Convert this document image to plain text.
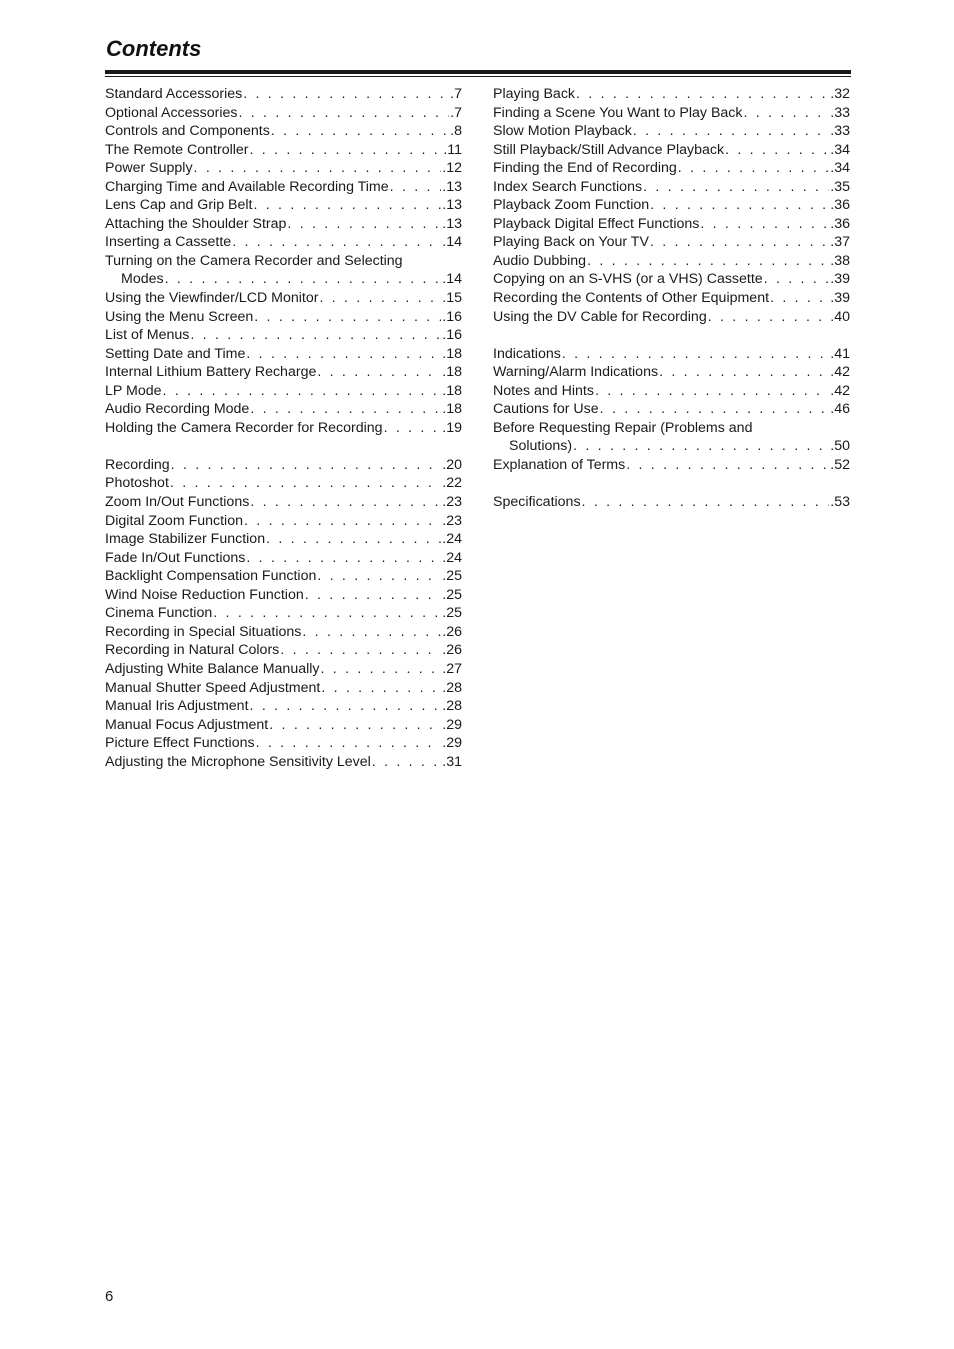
Contents
Standard Accessories . . .	.7
Optional Accessories . . .	.7
Controls and Components . . .	.8
The Remote Controller . . .	.11
Power Supply . . .	.12
Charging Time and Available Recording Time . . .	.13
Lens Cap and Grip Belt . . .	.13
Attaching the Shoulder Strap . . .	.13
Inserting a Cassette . . .	.14
Turning on the Camera Recorder and Selecting
Modes . . .	.14
Using the Viewfinder/LCD Monitor . . .	.15
Using the Menu Screen . . .	.16
List of Menus . . .	.16
Setting Date and Time . . .	.18
Internal Lithium Battery Recharge . . .	.18
LP Mode . . .	.18
Audio Recording Mode . . .	.18
Holding the Camera Recorder for Recording . . .	.19
Recording . . .	.20
Photoshot . . .	.22
Zoom In/Out Functions . . .	.23
Digital Zoom Function . . .	.23
Image Stabilizer Function . . .	.24
Fade In/Out Functions . . .	.24
Backlight Compensation Function . . .	.25
Wind Noise Reduction Function . . .	.25
Cinema Function . . .	.25
Recording in Special Situations . . .	.26
Recording in Natural Colors . . .	.26
Adjusting White Balance Manually . . .	.27
Manual Shutter Speed Adjustment . . .	.28
Manual Iris Adjustment . . .	.28
Manual Focus Adjustment . . .	.29
Picture Effect Functions . . .	.29
Adjusting the Microphone Sensitivity Level . . .	.31
Playing Back . . .	.32
Finding a Scene You Want to Play Back . . .	.33
Slow Motion Playback . . .	.33
Still Playback/Still Advance Playback . . .	.34
Finding the End of Recording . . .	.34
Index Search Functions . . .	.35
Playback Zoom Function . . .	.36
Playback Digital Effect Functions . . .	.36
Playing Back on Your TV . . .	.37
Audio Dubbing . . .	.38
Copying on an S-VHS (or a VHS) Cassette . . .	.39
Recording the Contents of Other Equipment . . .	.39
Using the DV Cable for Recording . . .	.40
Indications . . .	.41
Warning/Alarm Indications . . .	.42
Notes and Hints . . .	.42
Cautions for Use . . .	.46
Before Requesting Repair (Problems and
Solutions) . . .	.50
Explanation of Terms . . .	.52
Specifications . . .	.53
6
